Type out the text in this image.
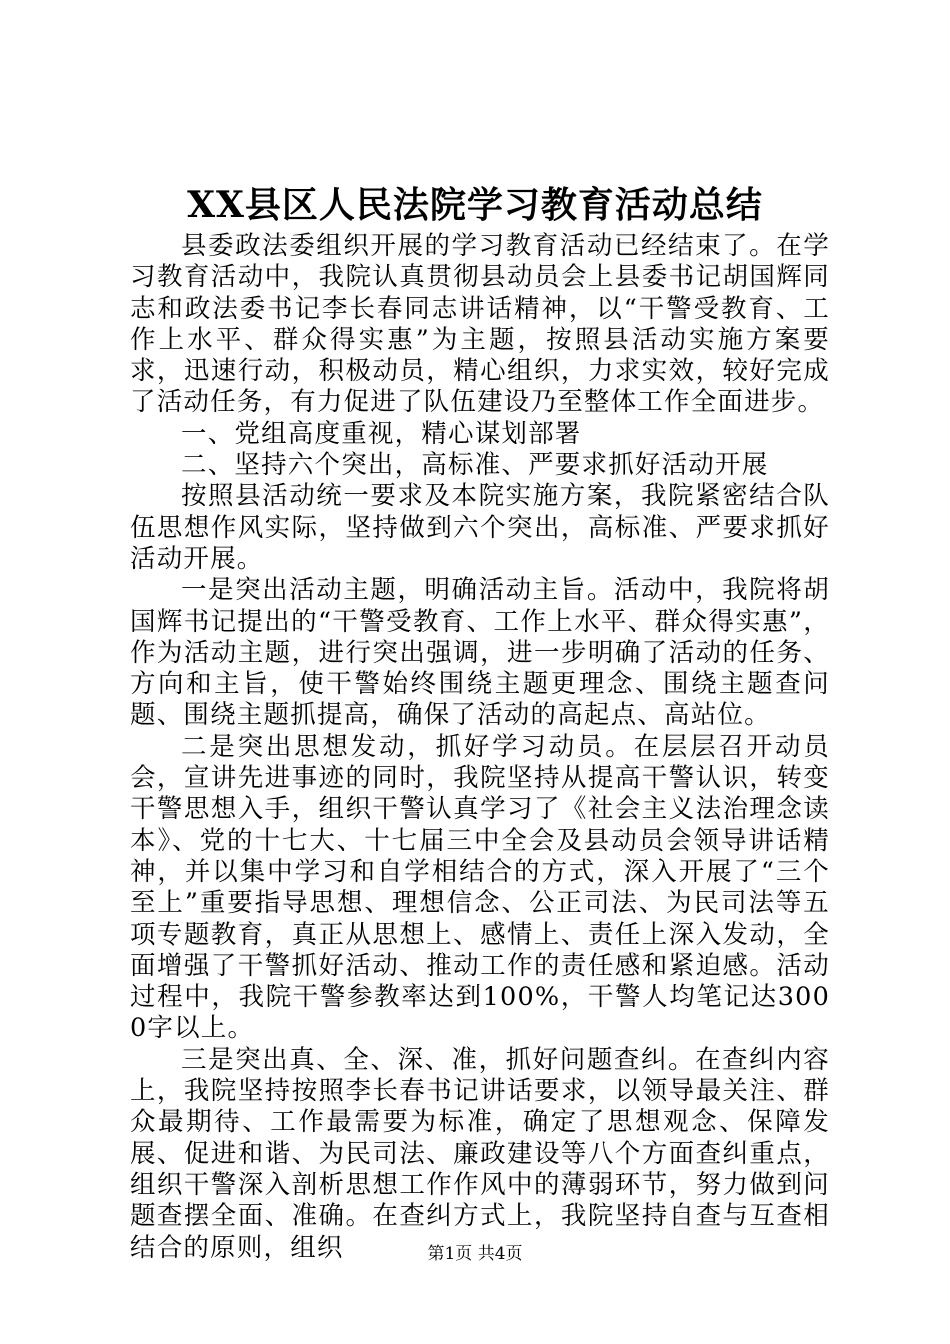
XX县区人民法院学习教育活动总结

县委政法委组织开展的学习教育活动已经结束了。在学习教育活动中，我院认真贯彻县动员会上县委书记胡国辉同志和政法委书记李长春同志讲话精神，以“干警受教育、工作上水平、群众得实惠”为主题，按照县活动实施方案要求，迅速行动，积极动员，精心组织，力求实效，较好完成了活动任务，有力促进了队伍建设乃至整体工作全面进步。

一、党组高度重视，精心谋划部署

二、坚持六个突出，高标准、严要求抓好活动开展

按照县活动统一要求及本院实施方案，我院紧密结合队伍思想作风实际，坚持做到六个突出，高标准、严要求抓好活动开展。

一是突出活动主题，明确活动主旨。活动中，我院将胡国辉书记提出的“干警受教育、工作上水平、群众得实惠”，作为活动主题，进行突出强调，进一步明确了活动的任务、方向和主旨，使干警始终围绕主题更理念、围绕主题查问题、围绕主题抓提高，确保了活动的高起点、高站位。

二是突出思想发动，抓好学习动员。在层层召开动员会，宣讲先进事迹的同时，我院坚持从提高干警认识，转变干警思想入手，组织干警认真学习了《社会主义法治理念读本》、党的十七大、十七届三中全会及县动员会领导讲话精神，并以集中学习和自学相结合的方式，深入开展了“三个至上”重要指导思想、理想信念、公正司法、为民司法等五项专题教育，真正从思想上、感情上、责任上深入发动，全面增强了干警抓好活动、推动工作的责任感和紧迫感。活动过程中，我院干警参教率达到100%，干警人均笔记达3000字以上。

三是突出真、全、深、准，抓好问题查纠。在查纠内容上，我院坚持按照李长春书记讲话要求，以领导最关注、群众最期待、工作最需要为标准，确定了思想观念、保障发展、促进和谐、为民司法、廉政建设等八个方面查纠重点，组织干警深入剖析思想工作作风中的薄弱环节，努力做到问题查摆全面、准确。在查纠方式上，我院坚持自查与互查相结合的原则，组织	第1页 共4页
